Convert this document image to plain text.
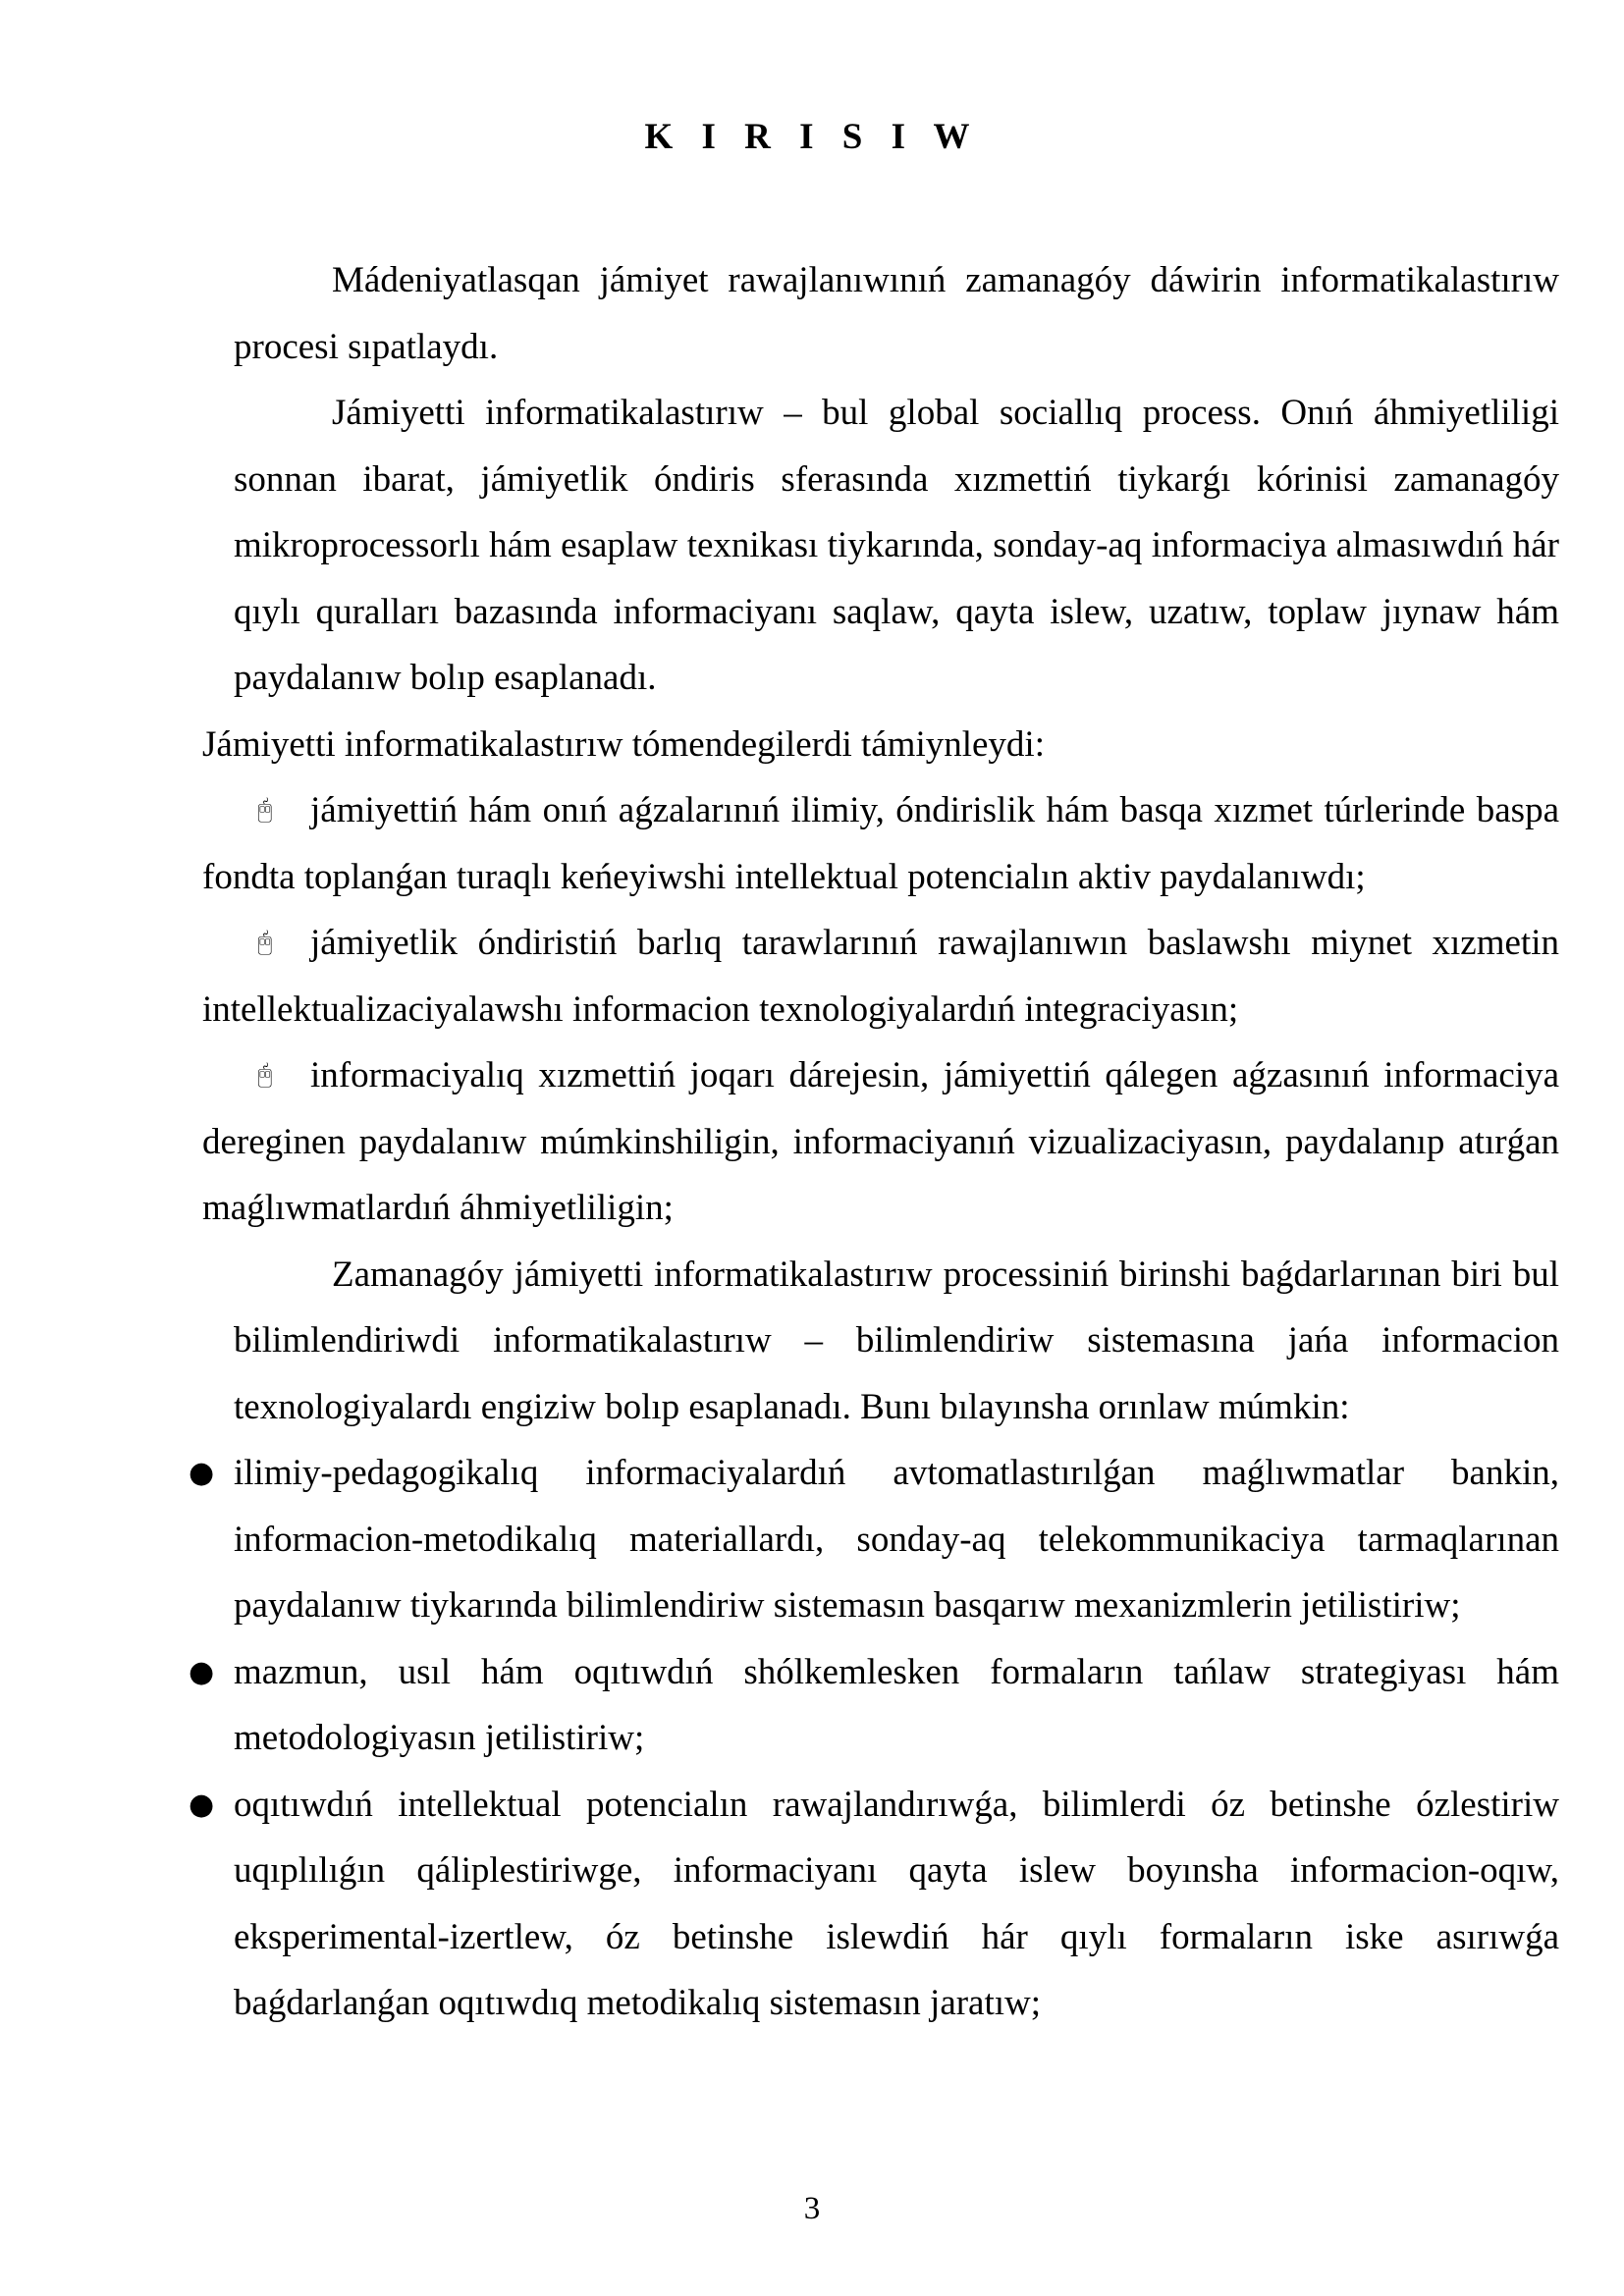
K I R I S I W

Mádeniyatlasqan jámiyet rawajlanıwınıń zamanagóy dáwirin informatikalastırıw procesi sıpatlaydı.

Jámiyetti informatikalastırıw – bul global sociallıq process. Onıń áhmiyetliligi sonnan ibarat, jámiyetlik óndiris sferasında xızmettiń tiykarǵı kórinisi zamanagóy mikroprocessorlı hám esaplaw texnikası tiykarında, sonday-aq informaciya almasıwdıń hár qıylı quralları bazasında informaciyanı saqlaw, qayta islew, uzatıw, toplaw jıynaw hám paydalanıw bolıp esaplanadı.

Jámiyetti informatikalastırıw tómendegilerdi támiynleydi:

🖰 jámiyettiń hám onıń aǵzalarınıń ilimiy, óndirislik hám basqa xızmet túrlerinde baspa fondta toplanǵan turaqlı keńeyiwshi intellektual potencialın aktiv paydalanıwdı;

🖰 jámiyetlik óndiristiń barlıq tarawlarınıń rawajlanıwın baslawshı miynet xızmetin intellektualizaciyalawshı informacion texnologiyalardıń integraciyasın;

🖰 informaciyalıq xızmettiń joqarı dárejesin, jámiyettiń qálegen aǵzasınıń informaciya dereginen paydalanıw múmkinshiligin, informaciyanıń vizualizaciyasın, paydalanıp atırǵan maǵlıwmatlardıń áhmiyetliligin;

Zamanagóy jámiyetti informatikalastırıw processiniń birinshi baǵdarlarınan biri bul bilimlendiriwdi informatikalastırıw – bilimlendiriw sistemasına jańa informacion texnologiyalardı engiziw bolıp esaplanadı. Bunı bılayınsha orınlaw múmkin:

● ilimiy-pedagogikalıq informaciyalardıń avtomatlastırılǵan maǵlıwmatlar bankin, informacion-metodikalıq materiallardı, sonday-aq telekommunikaciya tarmaqlarınan paydalanıw tiykarında bilimlendiriw sistemasın basqarıw mexanizmlerin jetilistiriw;
● mazmun, usıl hám oqıtıwdıń shólkemlesken formaların tańlaw strategiyası hám metodologiyasın jetilistiriw;
● oqıtıwdıń intellektual potencialın rawajlandırıwǵa, bilimlerdi óz betinshe ózlestiriw uqıplılıǵın qáliplestiriwge, informaciyanı qayta islew boyınsha informacion-oqıw, eksperimental-izertlew, óz betinshe islewdiń hár qıylı formaların iske asırıwǵa baǵdarlanǵan oqıtıwdıq metodikalıq sistemasın jaratıw;
3
